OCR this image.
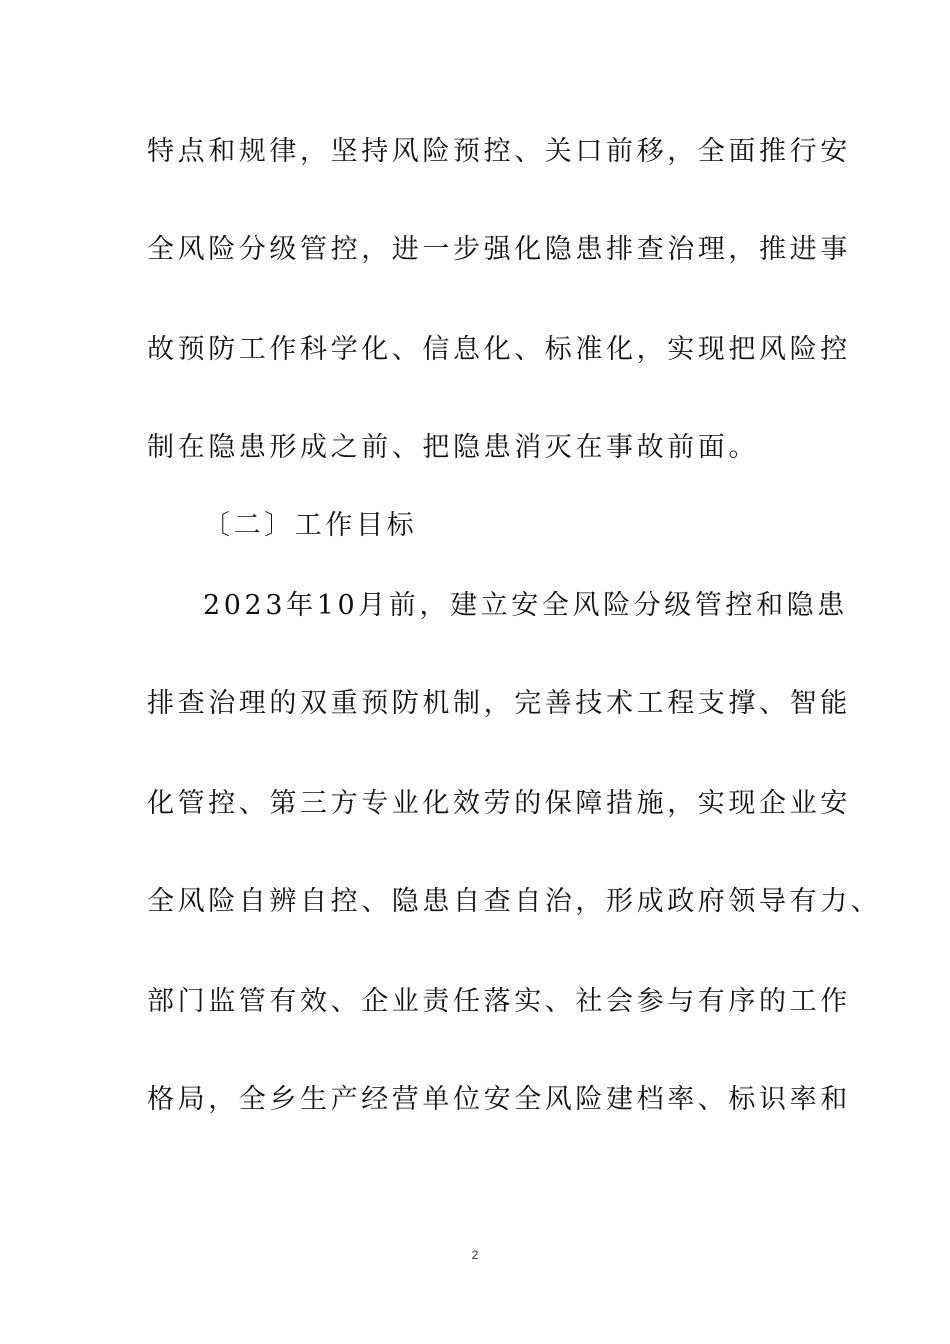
特点和规律，坚持风险预控、关口前移，全面推行安
全风险分级管控，进一步强化隐患排查治理，推进事
故预防工作科学化、信息化、标准化，实现把风险控
制在隐患形成之前、把隐患消灭在事故前面。
〔二〕工作目标
2023年10月前，建立安全风险分级管控和隐患
排查治理的双重预防机制，完善技术工程支撑、智能
化管控、第三方专业化效劳的保障措施，实现企业安
全风险自辨自控、隐患自查自治，形成政府领导有力、
部门监管有效、企业责任落实、社会参与有序的工作
格局，全乡生产经营单位安全风险建档率、标识率和
2
